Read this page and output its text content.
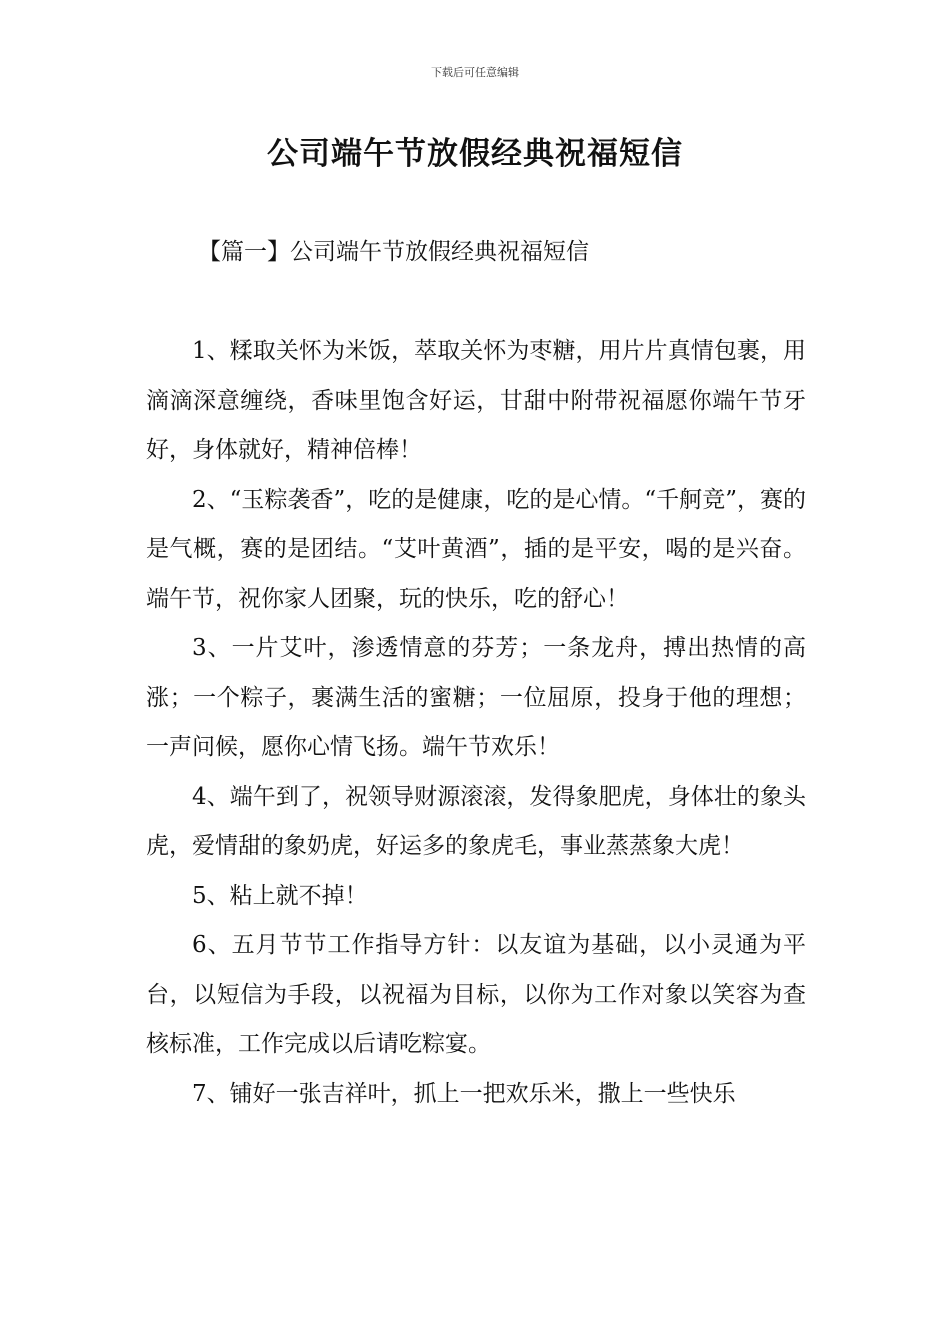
下载后可任意编辑
公司端午节放假经典祝福短信
【篇一】公司端午节放假经典祝福短信

1、糅取关怀为米饭，萃取关怀为枣糖，用片片真情包裹，用滴滴深意缠绕，香味里饱含好运，甘甜中附带祝福愿你端午节牙好，身体就好，精神倍棒！

2、“玉粽袭香”，吃的是健康，吃的是心情。“千舸竞”，赛的是气概，赛的是团结。“艾叶黄酒”，插的是平安，喝的是兴奋。端午节，祝你家人团聚，玩的快乐，吃的舒心！

3、一片艾叶，渗透情意的芬芳；一条龙舟，搏出热情的高涨；一个粽子，裹满生活的蜜糖；一位屈原，投身于他的理想；一声问候，愿你心情飞扬。端午节欢乐！

4、端午到了，祝领导财源滚滚，发得象肥虎，身体壮的象头虎，爱情甜的象奶虎，好运多的象虎毛，事业蒸蒸象大虎！

5、粘上就不掉！

6、五月节节工作指导方针：以友谊为基础，以小灵通为平台，以短信为手段，以祝福为目标，以你为工作对象以笑容为查核标准，工作完成以后请吃粽宴。

7、铺好一张吉祥叶，抓上一把欢乐米，撒上一些快乐
